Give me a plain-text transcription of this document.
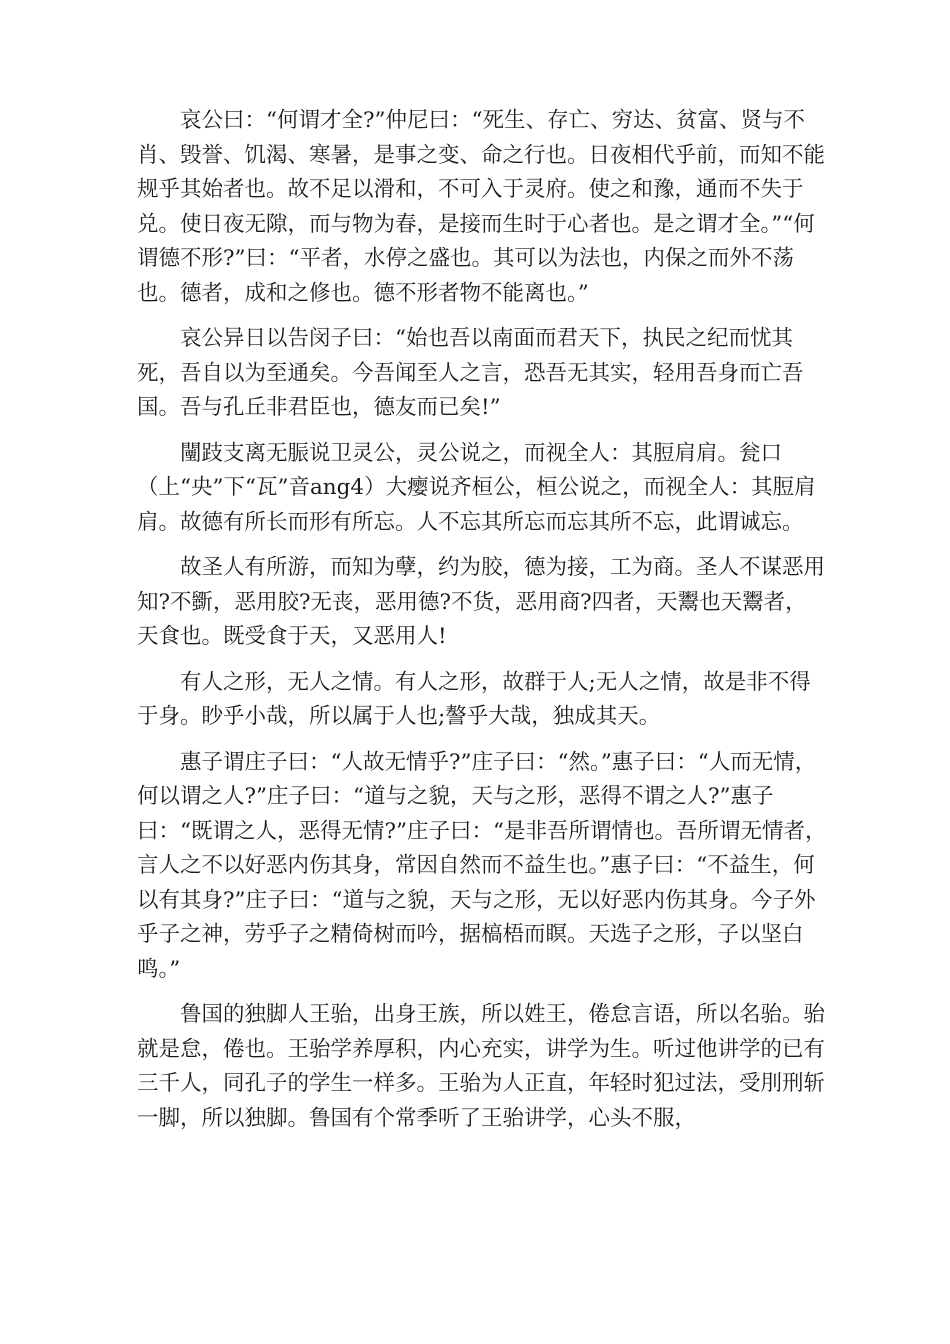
哀公曰：“何谓才全?”仲尼曰：“死生、存亡、穷达、贫富、贤与不肖、毁誉、饥渴、寒暑，是事之变、命之行也。日夜相代乎前，而知不能规乎其始者也。故不足以滑和，不可入于灵府。使之和豫，通而不失于兑。使日夜无隙，而与物为春，是接而生时于心者也。是之谓才全。”“何谓德不形?”曰：“平者，水停之盛也。其可以为法也，内保之而外不荡也。德者，成和之修也。德不形者物不能离也。”

哀公异日以告闵子曰：“始也吾以南面而君天下，执民之纪而忧其死，吾自以为至通矣。今吾闻至人之言，恐吾无其实，轻用吾身而亡吾国。吾与孔丘非君臣也，德友而已矣!”

闉跂支离无脤说卫灵公，灵公说之，而视全人：其脰肩肩。瓮口（上“央”下“瓦”音ang4）大瘿说齐桓公，桓公说之，而视全人：其脰肩肩。故德有所长而形有所忘。人不忘其所忘而忘其所不忘，此谓诚忘。

故圣人有所游，而知为孽，约为胶，德为接，工为商。圣人不谋恶用知?不斵，恶用胶?无丧，恶用德?不货，恶用商?四者，天鬻也天鬻者，天食也。既受食于天，又恶用人!

有人之形，无人之情。有人之形，故群于人;无人之情，故是非不得于身。眇乎小哉，所以属于人也;謷乎大哉，独成其天。

惠子谓庄子曰：“人故无情乎?”庄子曰：“然。”惠子曰：“人而无情，何以谓之人?”庄子曰：“道与之貌，天与之形，恶得不谓之人?”惠子曰：“既谓之人，恶得无情?”庄子曰：“是非吾所谓情也。吾所谓无情者，言人之不以好恶内伤其身，常因自然而不益生也。”惠子曰：“不益生，何以有其身?”庄子曰：“道与之貌，天与之形，无以好恶内伤其身。今子外乎子之神，劳乎子之精倚树而吟，据槁梧而瞑。天选子之形，子以坚白鸣。”

鲁国的独脚人王骀，出身王族，所以姓王，倦怠言语，所以名骀。骀就是怠，倦也。王骀学养厚积，内心充实，讲学为生。听过他讲学的已有三千人，同孔子的学生一样多。王骀为人正直，年轻时犯过法，受刖刑斩一脚，所以独脚。鲁国有个常季听了王骀讲学，心头不服，
